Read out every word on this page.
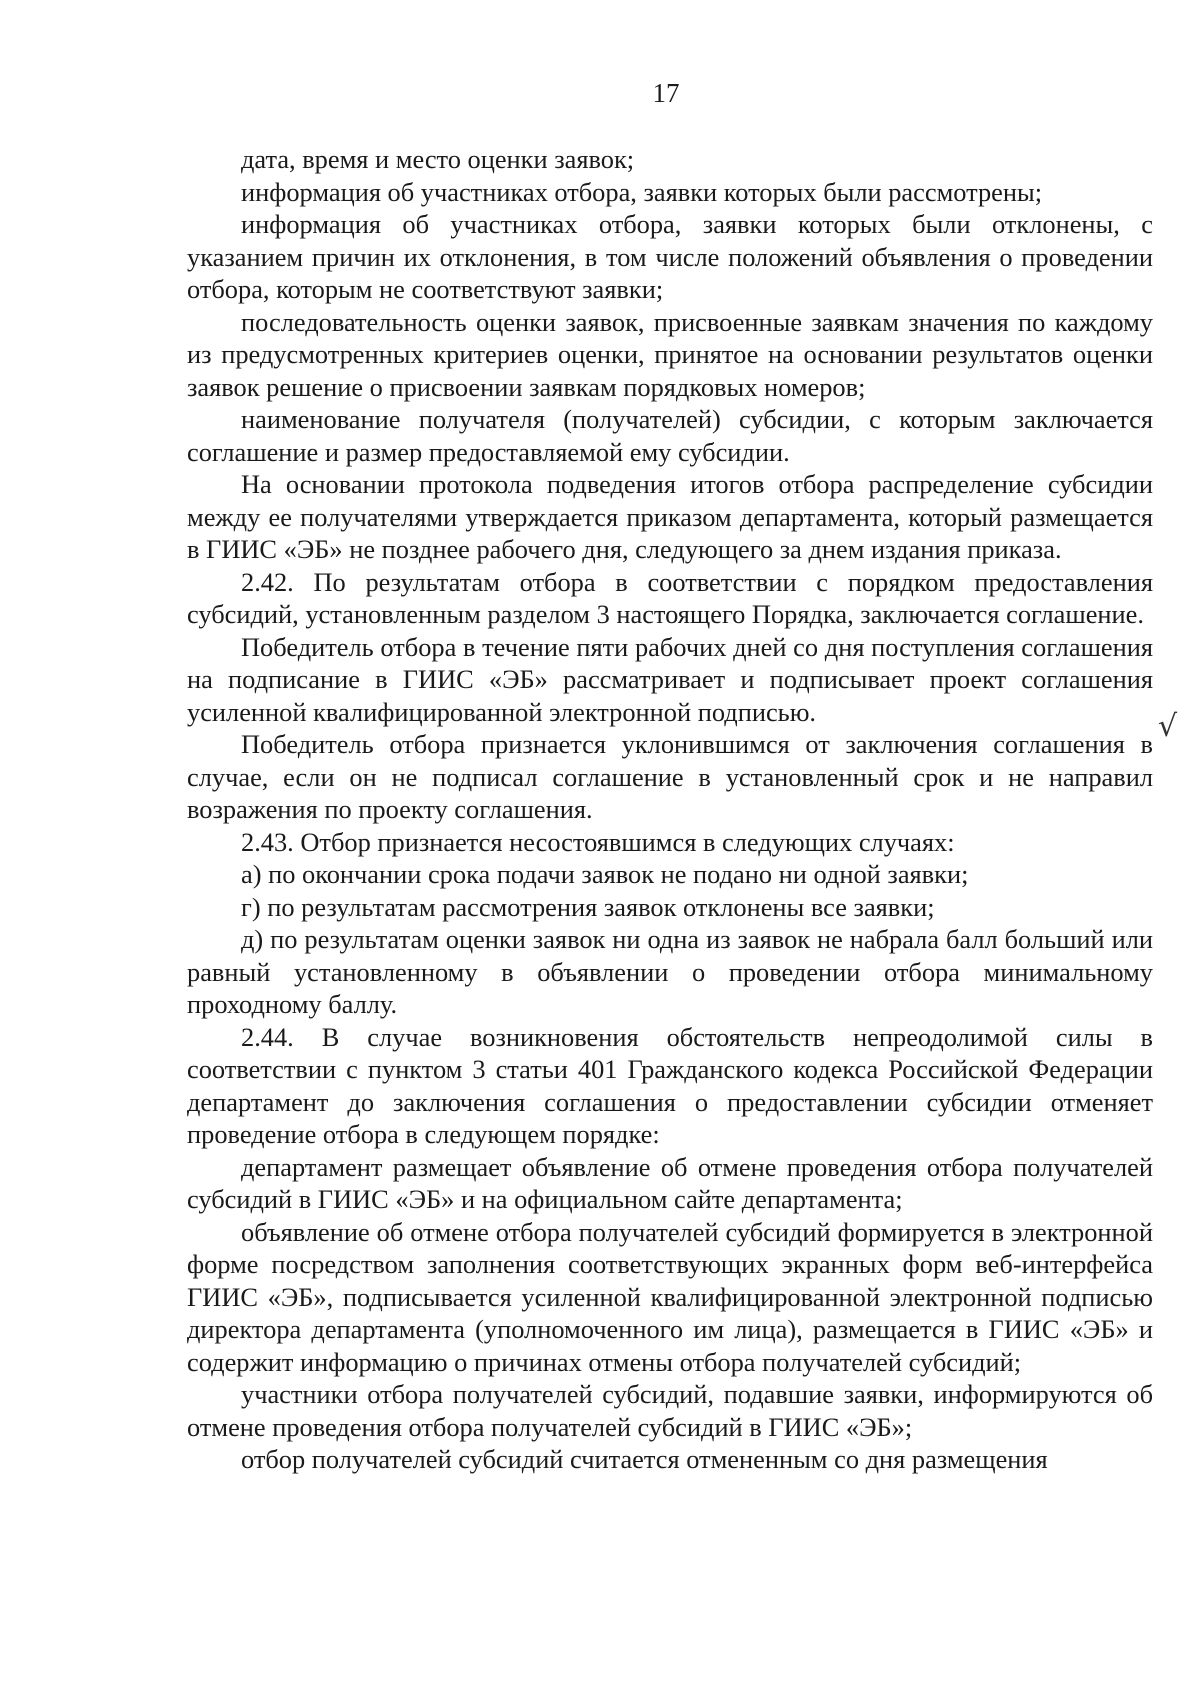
17

дата, время и место оценки заявок;

информация об участниках отбора, заявки которых были рассмотрены;

информация об участниках отбора, заявки которых были отклонены, с указанием причин их отклонения, в том числе положений объявления о проведении отбора, которым не соответствуют заявки;

последовательность оценки заявок, присвоенные заявкам значения по каждому из предусмотренных критериев оценки, принятое на основании результатов оценки заявок решение о присвоении заявкам порядковых номеров;

наименование получателя (получателей) субсидии, с которым заключается соглашение и размер предоставляемой ему субсидии.

На основании протокола подведения итогов отбора распределение субсидии между ее получателями утверждается приказом департамента, который размещается в ГИИС «ЭБ» не позднее рабочего дня, следующего за днем издания приказа.

2.42. По результатам отбора в соответствии с порядком предоставления субсидий, установленным разделом 3 настоящего Порядка, заключается соглашение.

Победитель отбора в течение пяти рабочих дней со дня поступления соглашения на подписание в ГИИС «ЭБ» рассматривает и подписывает проект соглашения усиленной квалифицированной электронной подписью.

Победитель отбора признается уклонившимся от заключения соглашения в случае, если он не подписал соглашение в установленный срок и не направил возражения по проекту соглашения.

2.43. Отбор признается несостоявшимся в следующих случаях:

а) по окончании срока подачи заявок не подано ни одной заявки;

г) по результатам рассмотрения заявок отклонены все заявки;

д) по результатам оценки заявок ни одна из заявок не набрала балл больший или равный установленному в объявлении о проведении отбора минимальному проходному баллу.

2.44. В случае возникновения обстоятельств непреодолимой силы в соответствии с пунктом 3 статьи 401 Гражданского кодекса Российской Федерации департамент до заключения соглашения о предоставлении субсидии отменяет проведение отбора в следующем порядке:

департамент размещает объявление об отмене проведения отбора получателей субсидий в ГИИС «ЭБ» и на официальном сайте департамента;

объявление об отмене отбора получателей субсидий формируется в электронной форме посредством заполнения соответствующих экранных форм веб-интерфейса ГИИС «ЭБ», подписывается усиленной квалифицированной электронной подписью директора департамента (уполномоченного им лица), размещается в ГИИС «ЭБ» и содержит информацию о причинах отмены отбора получателей субсидий;

участники отбора получателей субсидий, подавшие заявки, информируются об отмене проведения отбора получателей субсидий в ГИИС «ЭБ»;

отбор получателей субсидий считается отмененным со дня размещения

√
